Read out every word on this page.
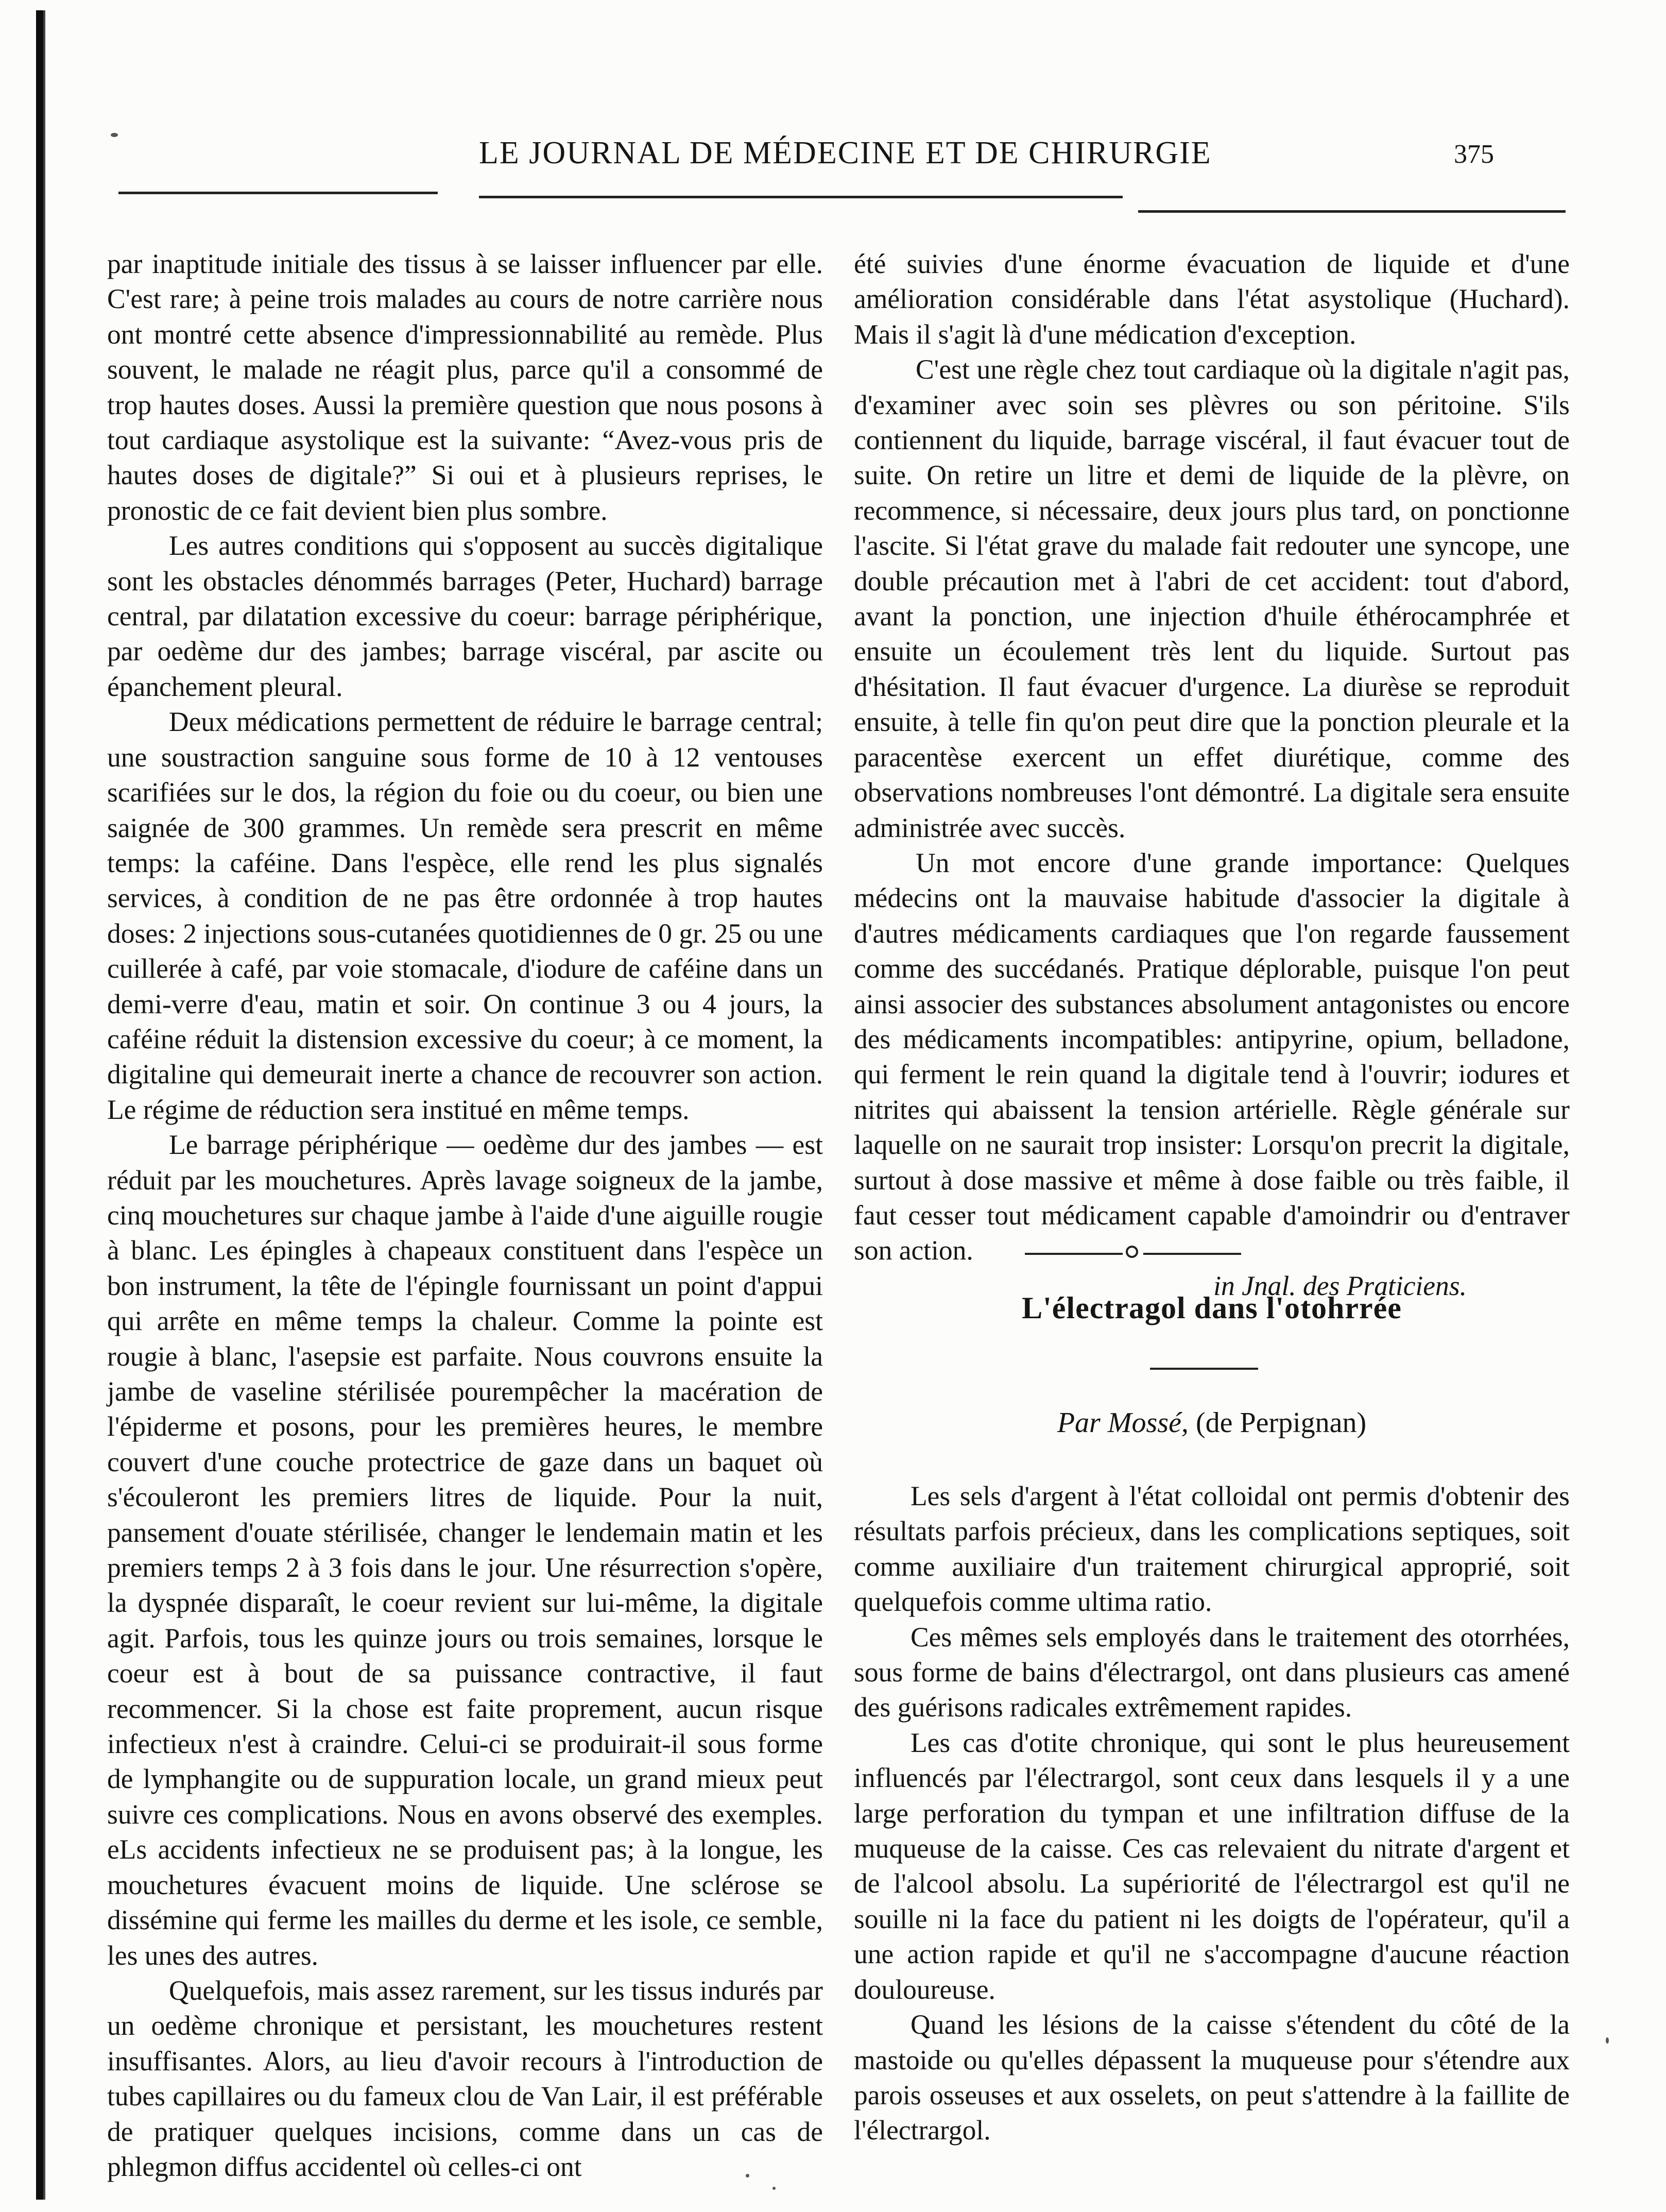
LE JOURNAL DE MÉDECINE ET DE CHIRURGIE	375

par inaptitude initiale des tissus à se laisser influencer par elle. C'est rare; à peine trois malades au cours de notre carrière nous ont montré cette absence d'impressionnabilité au remède. Plus souvent, le malade ne réagit plus, parce qu'il a consommé de trop hautes doses. Aussi la première question que nous posons à tout cardiaque asystolique est la suivante: “Avez-vous pris de hautes doses de digitale?” Si oui et à plusieurs reprises, le pronostic de ce fait devient bien plus sombre.

Les autres conditions qui s'opposent au succès digitalique sont les obstacles dénommés barrages (Peter, Huchard) barrage central, par dilatation excessive du coeur: barrage périphérique, par oedème dur des jambes; barrage viscéral, par ascite ou épanchement pleural.

Deux médications permettent de réduire le barrage central; une soustraction sanguine sous forme de 10 à 12 ventouses scarifiées sur le dos, la région du foie ou du coeur, ou bien une saignée de 300 grammes. Un remède sera prescrit en même temps: la caféine. Dans l'espèce, elle rend les plus signalés services, à condition de ne pas être ordonnée à trop hautes doses: 2 injections sous-cutanées quotidiennes de 0 gr. 25 ou une cuillerée à café, par voie stomacale, d'iodure de caféine dans un demi-verre d'eau, matin et soir. On continue 3 ou 4 jours, la caféine réduit la distension excessive du coeur; à ce moment, la digitaline qui demeurait inerte a chance de recouvrer son action. Le régime de réduction sera institué en même temps.

Le barrage périphérique — oedème dur des jambes — est réduit par les mouchetures. Après lavage soigneux de la jambe, cinq mouchetures sur chaque jambe à l'aide d'une aiguille rougie à blanc. Les épingles à chapeaux constituent dans l'espèce un bon instrument, la tête de l'épingle fournissant un point d'appui qui arrête en même temps la chaleur. Comme la pointe est rougie à blanc, l'asepsie est parfaite. Nous couvrons ensuite la jambe de vaseline stérilisée pourempêcher la macération de l'épiderme et posons, pour les premières heures, le membre couvert d'une couche protectrice de gaze dans un baquet où s'écouleront les premiers litres de liquide. Pour la nuit, pansement d'ouate stérilisée, changer le lendemain matin et les premiers temps 2 à 3 fois dans le jour. Une résurrection s'opère, la dyspnée disparaît, le coeur revient sur lui-même, la digitale agit. Parfois, tous les quinze jours ou trois semaines, lorsque le coeur est à bout de sa puissance contractive, il faut recommencer. Si la chose est faite proprement, aucun risque infectieux n'est à craindre. Celui-ci se produirait-il sous forme de lymphangite ou de suppuration locale, un grand mieux peut suivre ces complications. Nous en avons observé des exemples. eLs accidents infectieux ne se produisent pas; à la longue, les mouchetures évacuent moins de liquide. Une sclérose se dissémine qui ferme les mailles du derme et les isole, ce semble, les unes des autres.

Quelquefois, mais assez rarement, sur les tissus indurés par un oedème chronique et persistant, les mouchetures restent insuffisantes. Alors, au lieu d'avoir recours à l'introduction de tubes capillaires ou du fameux clou de Van Lair, il est préférable de pratiquer quelques incisions, comme dans un cas de phlegmon diffus accidentel où celles-ci ont

été suivies d'une énorme évacuation de liquide et d'une amélioration considérable dans l'état asystolique (Huchard). Mais il s'agit là d'une médication d'exception.

C'est une règle chez tout cardiaque où la digitale n'agit pas, d'examiner avec soin ses plèvres ou son péritoine. S'ils contiennent du liquide, barrage viscéral, il faut évacuer tout de suite. On retire un litre et demi de liquide de la plèvre, on recommence, si nécessaire, deux jours plus tard, on ponctionne l'ascite. Si l'état grave du malade fait redouter une syncope, une double précaution met à l'abri de cet accident: tout d'abord, avant la ponction, une injection d'huile éthérocamphrée et ensuite un écoulement très lent du liquide. Surtout pas d'hésitation. Il faut évacuer d'urgence. La diurèse se reproduit ensuite, à telle fin qu'on peut dire que la ponction pleurale et la paracentèse exercent un effet diurétique, comme des observations nombreuses l'ont démontré. La digitale sera ensuite administrée avec succès.

Un mot encore d'une grande importance: Quelques médecins ont la mauvaise habitude d'associer la digitale à d'autres médicaments cardiaques que l'on regarde faussement comme des succédanés. Pratique déplorable, puisque l'on peut ainsi associer des substances absolument antagonistes ou encore des médicaments incompatibles: antipyrine, opium, belladone, qui ferment le rein quand la digitale tend à l'ouvrir; iodures et nitrites qui abaissent la tension artérielle. Règle générale sur laquelle on ne saurait trop insister: Lorsqu'on precrit la digitale, surtout à dose massive et même à dose faible ou très faible, il faut cesser tout médicament capable d'amoindrir ou d'entraver son action.

in Jnal. des Praticiens.

L'électragol dans l'otohrrée
Par Mossé, (de Perpignan)

Les sels d'argent à l'état colloidal ont permis d'obtenir des résultats parfois précieux, dans les complications septiques, soit comme auxiliaire d'un traitement chirurgical approprié, soit quelquefois comme ultima ratio.

Ces mêmes sels employés dans le traitement des otorrhées, sous forme de bains d'électrargol, ont dans plusieurs cas amené des guérisons radicales extrêmement rapides.

Les cas d'otite chronique, qui sont le plus heureusement influencés par l'électrargol, sont ceux dans lesquels il y a une large perforation du tympan et une infiltration diffuse de la muqueuse de la caisse. Ces cas relevaient du nitrate d'argent et de l'alcool absolu. La supériorité de l'électrargol est qu'il ne souille ni la face du patient ni les doigts de l'opérateur, qu'il a une action rapide et qu'il ne s'accompagne d'aucune réaction douloureuse.

Quand les lésions de la caisse s'étendent du côté de la mastoide ou qu'elles dépassent la muqueuse pour s'étendre aux parois osseuses et aux osselets, on peut s'attendre à la faillite de l'électrargol.
